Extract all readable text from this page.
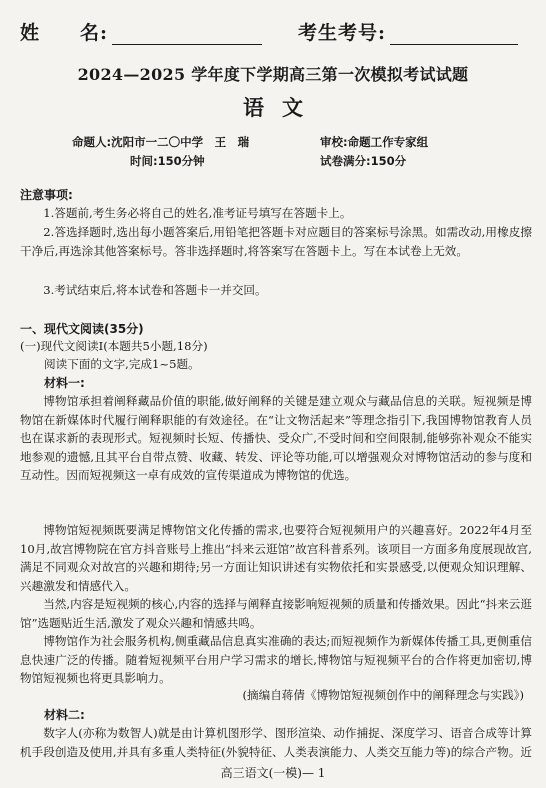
姓　　名:	考生考号:
2024—2025 学年度下学期高三第一次模拟考试试题
语文
命题人:沈阳市一二〇中学　王　瑞	审校:命题工作专家组
时间:150分钟	试卷满分:150分
注意事项:
1.答题前,考生务必将自己的姓名,准考证号填写在答题卡上。
2.答选择题时,选出每小题答案后,用铅笔把答题卡对应题目的答案标号涂黑。如需改动,用橡皮擦干净后,再选涂其他答案标号。答非选择题时,将答案写在答题卡上。写在本试卷上无效。
3.考试结束后,将本试卷和答题卡一并交回。
一、现代文阅读(35分)
(一)现代文阅读Ⅰ(本题共5小题,18分)
阅读下面的文字,完成1~5题。
材料一:
博物馆承担着阐释藏品价值的职能,做好阐释的关键是建立观众与藏品信息的关联。短视频是博物馆在新媒体时代履行阐释职能的有效途径。在“让文物活起来”等理念指引下,我国博物馆教育人员也在谋求新的表现形式。短视频时长短、传播快、受众广,不受时间和空间限制,能够弥补观众不能实地参观的遗憾,且其平台自带点赞、收藏、转发、评论等功能,可以增强观众对博物馆活动的参与度和互动性。因而短视频这一卓有成效的宣传渠道成为博物馆的优选。
博物馆短视频既要满足博物馆文化传播的需求,也要符合短视频用户的兴趣喜好。2022年4月至10月,故宫博物院在官方抖音账号上推出“抖来云逛馆”故宫科普系列。该项目一方面多角度展现故宫,满足不同观众对故宫的兴趣和期待;另一方面让知识讲述有实物依托和实景感受,以便观众知识理解、兴趣激发和情感代入。
当然,内容是短视频的核心,内容的选择与阐释直接影响短视频的质量和传播效果。因此“抖来云逛馆”选题贴近生活,激发了观众兴趣和情感共鸣。
博物馆作为社会服务机构,侧重藏品信息真实准确的表达;而短视频作为新媒体传播工具,更侧重信息快速广泛的传播。随着短视频平台用户学习需求的增长,博物馆与短视频平台的合作将更加密切,博物馆短视频也将更具影响力。
(摘编自蒋倩《博物馆短视频创作中的阐释理念与实践》)
材料二:
数字人(亦称为数智人)就是由计算机图形学、图形渲染、动作捕捉、深度学习、语音合成等计算机手段创造及使用,并具有多重人类特征(外貌特征、人类表演能力、人类交互能力等)的综合产物。近
高三语文(一模)— 1
